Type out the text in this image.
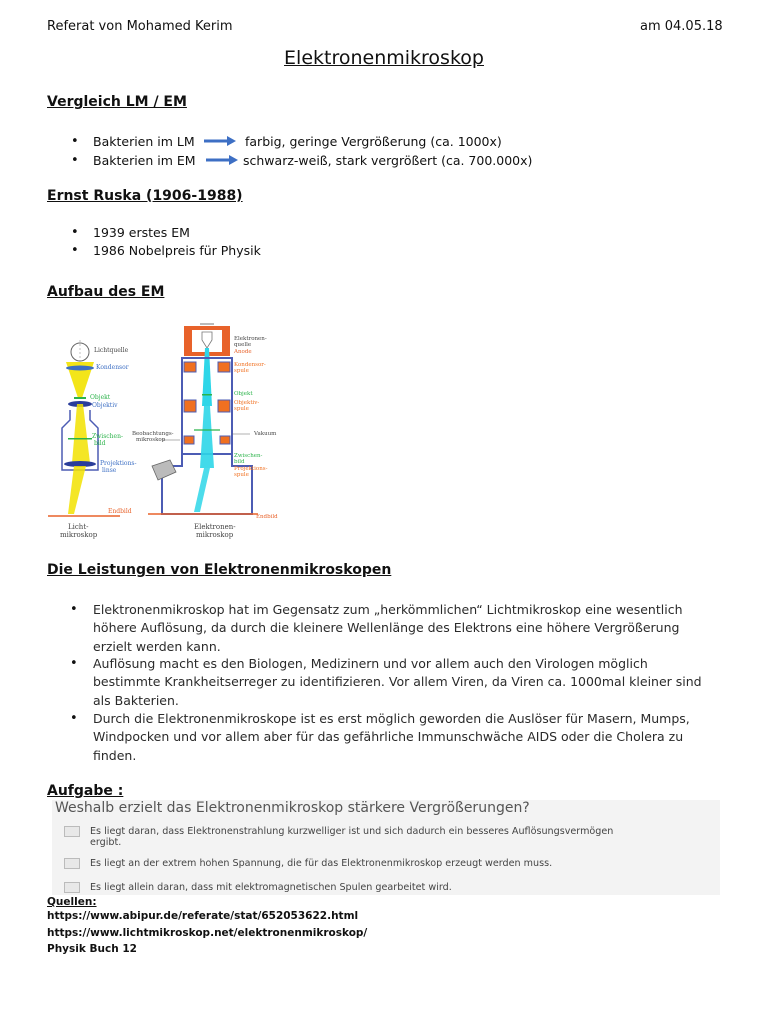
Referat von Mohamed Kerim	am 04.05.18
Elektronenmikroskop
Vergleich LM / EM
• Bakterien im LM	farbig, geringe Vergrößerung (ca. 1000x)
• Bakterien im EM	schwarz-weiß, stark vergrößert (ca. 700.000x)
Ernst Ruska (1906-1988)
• 1939 erstes EM
• 1986 Nobelpreis für Physik
Aufbau des EM
Lichtquelle
Kondensor
Objekt
Objektiv
Zwischen-
bild
Projektions-
linse
Endbild
Licht-
mikroskop
Elektronen-
quelle
Anode
Kondensor-
spule
Objekt
Objektiv-
spule
Vakuum
Beobachtungs-
mikroskop
Zwischen-
bild
Projektions-
spule
Endbild
Elektronen-
mikroskop
Die Leistungen von Elektronenmikroskopen
• Elektronenmikroskop hat im Gegensatz zum „herkömmlichen“ Lichtmikroskop eine wesentlich
höhere Auflösung, da durch die kleinere Wellenlänge des Elektrons eine höhere Vergrößerung
erzielt werden kann.
• Auflösung macht es den Biologen, Medizinern und vor allem auch den Virologen möglich
bestimmte Krankheitserreger zu identifizieren. Vor allem Viren, da Viren ca. 1000mal kleiner sind
als Bakterien.
• Durch die Elektronenmikroskope ist es erst möglich geworden die Auslöser für Masern, Mumps,
Windpocken und vor allem aber für das gefährliche Immunschwäche AIDS oder die Cholera zu
finden.
Aufgabe :
Weshalb erzielt das Elektronenmikroskop stärkere Vergrößerungen?
Es liegt daran, dass Elektronenstrahlung kurzwelliger ist und sich dadurch ein besseres Auflösungsvermögen
ergibt.
Es liegt an der extrem hohen Spannung, die für das Elektronenmikroskop erzeugt werden muss.
Es liegt allein daran, dass mit elektromagnetischen Spulen gearbeitet wird.
Quellen:
https://www.abipur.de/referate/stat/652053622.html
https://www.lichtmikroskop.net/elektronenmikroskop/
Physik Buch 12
